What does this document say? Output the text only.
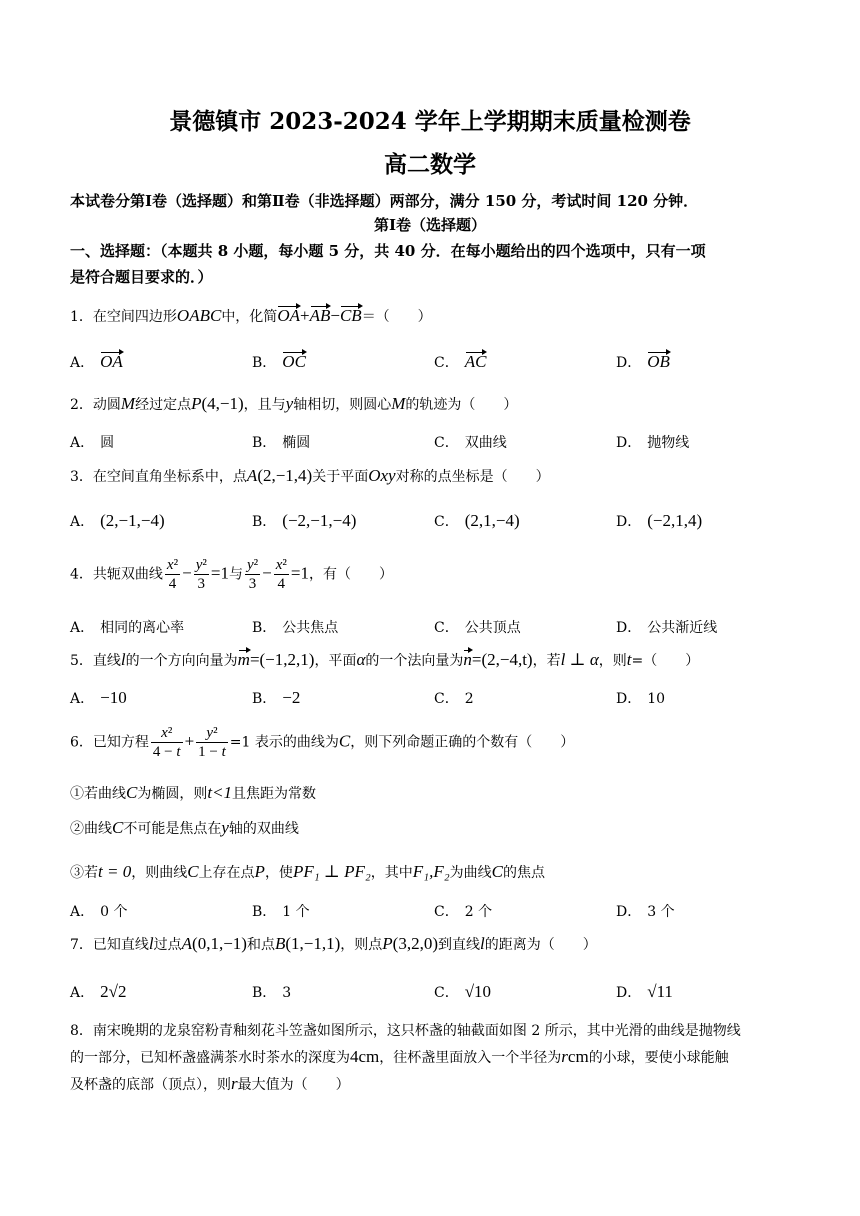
景德镇市 2023-2024 学年上学期期末质量检测卷
高二数学
本试卷分第Ⅰ卷（选择题）和第Ⅱ卷（非选择题）两部分，满分 150 分，考试时间 120 分钟．
第Ⅰ卷（选择题）
一、选择题：（本题共 8 小题，每小题 5 分，共 40 分．在每小题给出的四个选项中，只有一项
是符合题目要求的．）
1．在空间四边形OABC中，化简OA+AB−CB＝（　　）
A． OA	B． OC	C． AC	D． OB
2．动圆M经过定点P(4,−1)，且与y轴相切，则圆心M的轨迹为（　　）
A． 圆	B． 椭圆	C． 双曲线	D． 抛物线
3．在空间直角坐标系中，点A(2,−1,4)关于平面Oxy对称的点坐标是（　　）
A． (2,−1,−4)	B． (−2,−1,−4)	C． (2,1,−4)	D． (−2,1,4)
4．共轭双曲线 $\frac{\text{x²}}{4} - \frac{\text{y²}}{3} =1$与 $\frac{\text{y²}}{3} - \frac{\text{x²}}{4} =1$，有（　　）
A． 相同的离心率	B． 公共焦点	C． 公共顶点	D． 公共渐近线
5．直线l的一个方向向量为m=(−1,2,1)，平面α的一个法向量为n=(2,−4,t)，若l ⊥ α，则t=（　　）
A． −10	B． −2	C． 2	D． 10
6．已知方程 $\frac{\text{x²}}{4 - t} + \frac{\text{y²}}{1 - t} =1$ 表示的曲线为C，则下列命题正确的个数有（　　）
①若曲线C为椭圆，则t<1且焦距为常数
②曲线C不可能是焦点在y轴的双曲线
③若t = 0，则曲线C上存在点P，使PF₁ ⊥ PF₂，其中F₁,F₂为曲线C的焦点
A． 0 个	B． 1 个	C． 2 个	D． 3 个
7．已知直线l过点A(0,1,−1)和点B(1,−1,1)，则点P(3,2,0)到直线l的距离为（　　）
A． 2√2	B． 3	C． √10	D． √11
8．南宋晚期的龙泉窑粉青釉刻花斗笠盏如图所示，这只杯盏的轴截面如图 2 所示，其中光滑的曲线是抛物线
的一部分，已知杯盏盛满茶水时茶水的深度为4cm，往杯盏里面放入一个半径为rcm的小球，要使小球能触
及杯盏的底部（顶点），则r最大值为（　　）
